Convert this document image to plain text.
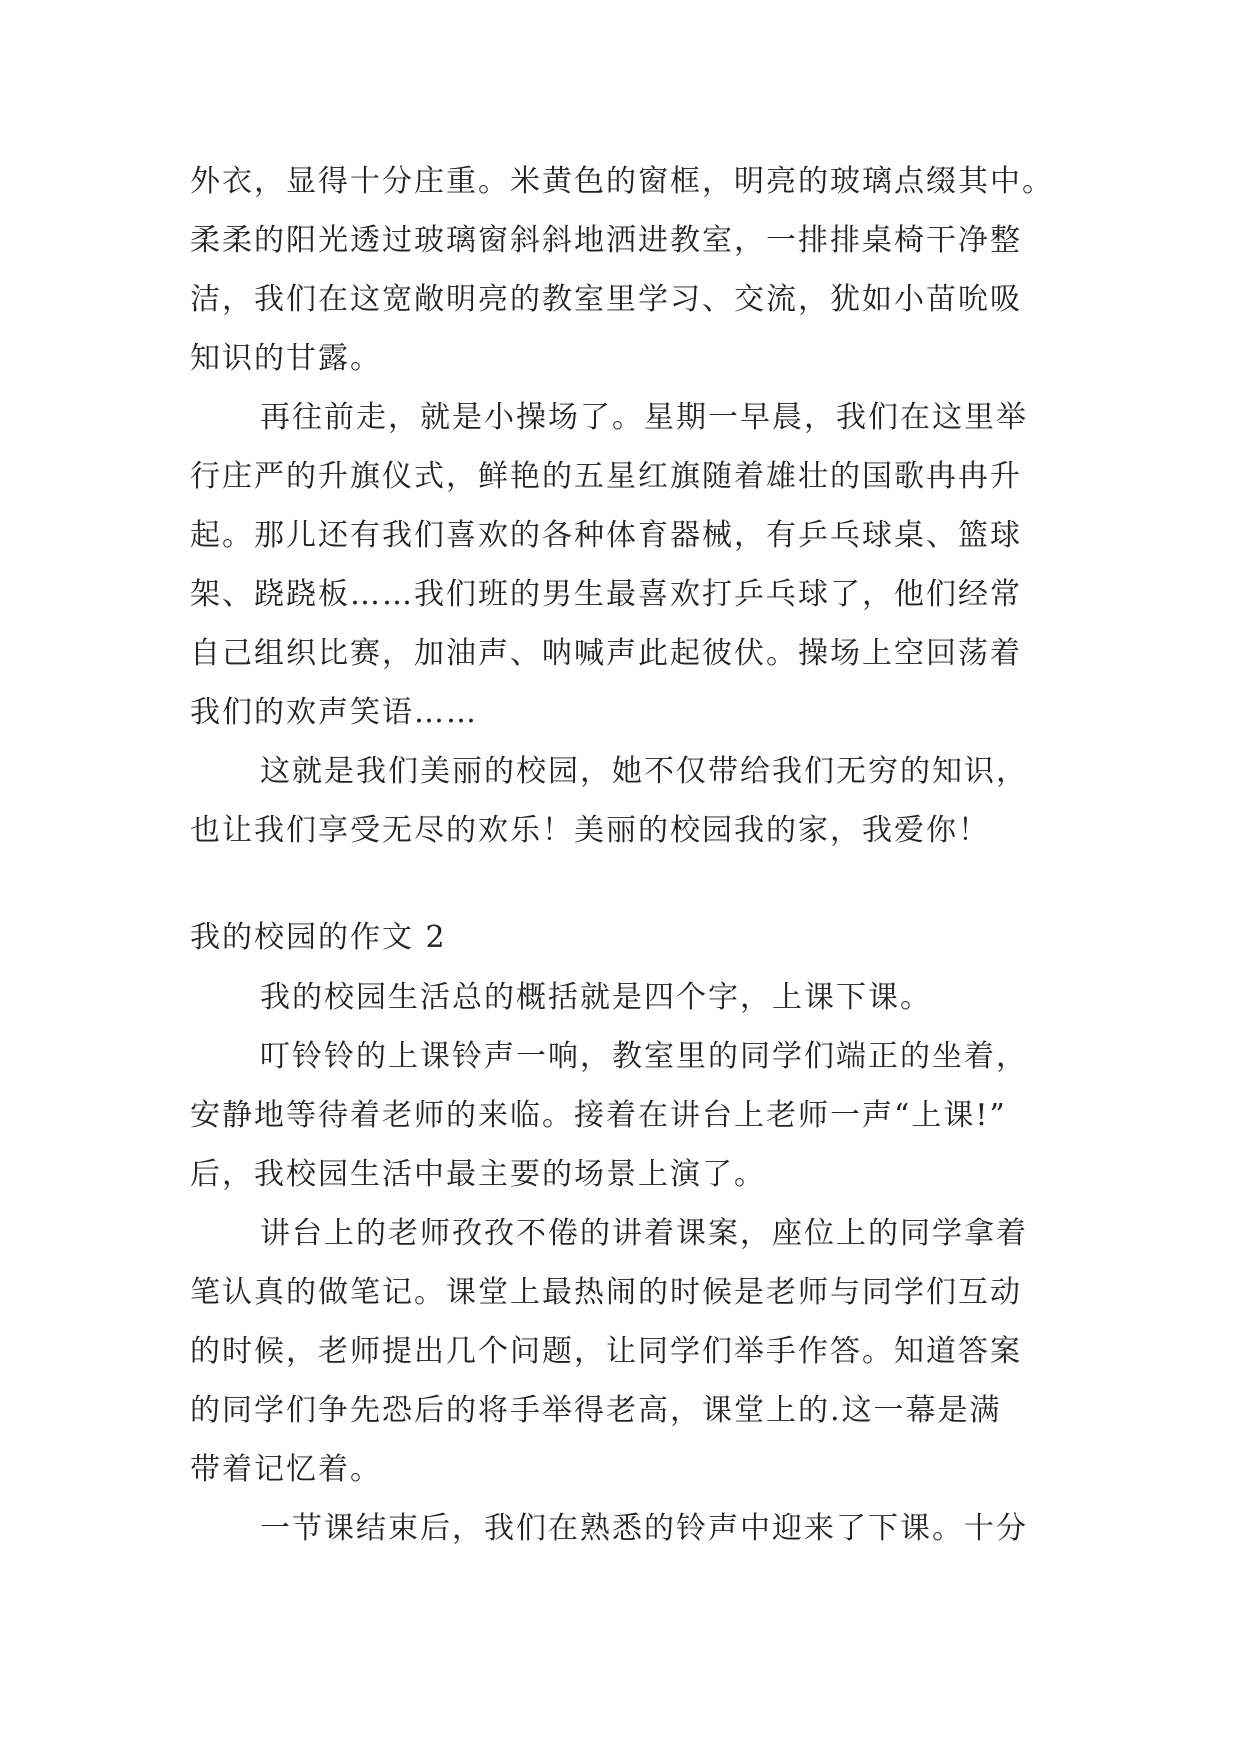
外衣，显得十分庄重。米黄色的窗框，明亮的玻璃点缀其中。
柔柔的阳光透过玻璃窗斜斜地洒进教室，一排排桌椅干净整
洁，我们在这宽敞明亮的教室里学习、交流，犹如小苗吮吸
知识的甘露。
再往前走，就是小操场了。星期一早晨，我们在这里举
行庄严的升旗仪式，鲜艳的五星红旗随着雄壮的国歌冉冉升
起。那儿还有我们喜欢的各种体育器械，有乒乓球桌、篮球
架、跷跷板……我们班的男生最喜欢打乒乓球了，他们经常
自己组织比赛，加油声、呐喊声此起彼伏。操场上空回荡着
我们的欢声笑语……
这就是我们美丽的校园，她不仅带给我们无穷的知识，
也让我们享受无尽的欢乐！美丽的校园我的家，我爱你！
我的校园的作文 2
我的校园生活总的概括就是四个字，上课下课。
叮铃铃的上课铃声一响，教室里的同学们端正的坐着，
安静地等待着老师的来临。接着在讲台上老师一声“上课!”
后，我校园生活中最主要的场景上演了。
讲台上的老师孜孜不倦的讲着课案，座位上的同学拿着
笔认真的做笔记。课堂上最热闹的时候是老师与同学们互动
的时候，老师提出几个问题，让同学们举手作答。知道答案
的同学们争先恐后的将手举得老高，课堂上的.这一幕是满
带着记忆着。
一节课结束后，我们在熟悉的铃声中迎来了下课。十分
